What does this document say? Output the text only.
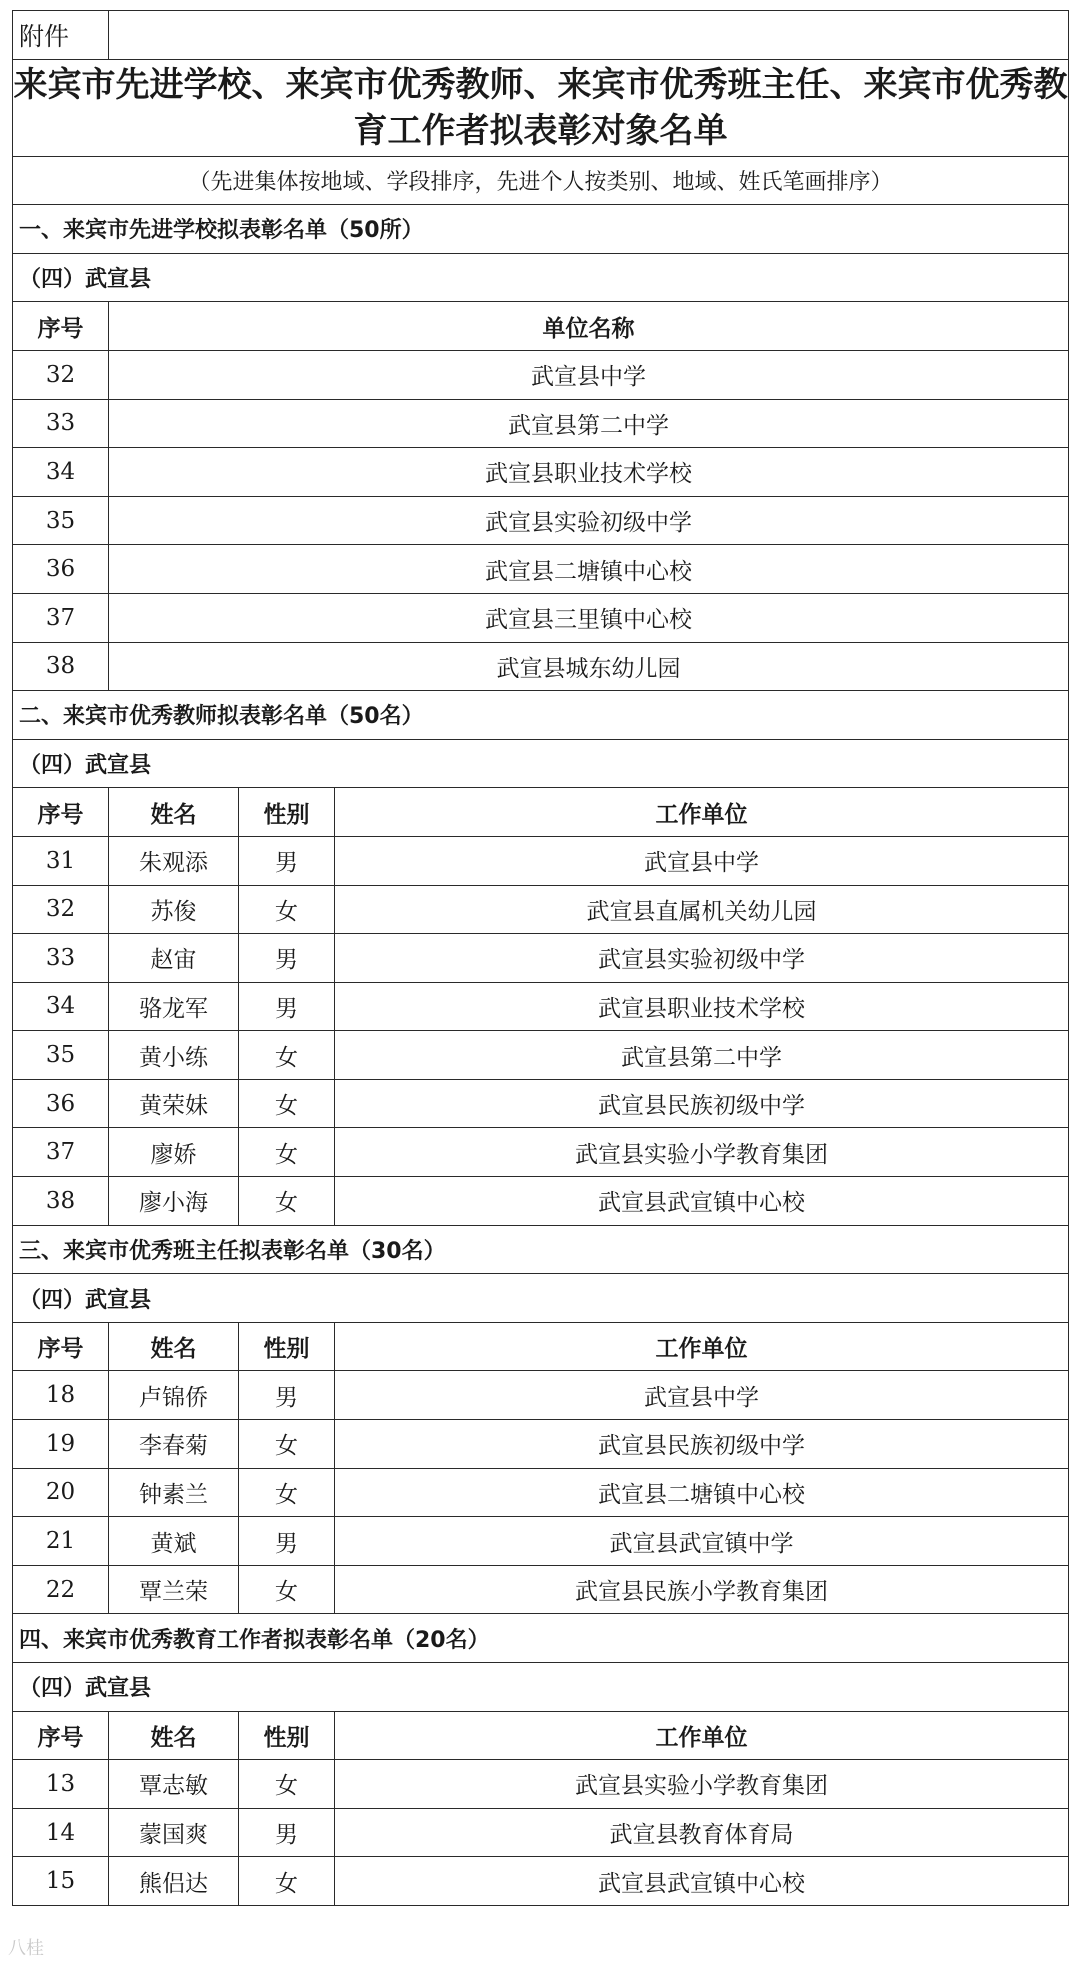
附件			
来宾市先进学校、来宾市优秀教师、来宾市优秀班主任、来宾市优秀教育工作者拟表彰对象名单			
（先进集体按地域、学段排序，先进个人按类别、地域、姓氏笔画排序）			
一、来宾市先进学校拟表彰名单（50所）			
（四）武宣县			
序号	单位名称		
32	武宣县中学		
33	武宣县第二中学		
34	武宣县职业技术学校		
35	武宣县实验初级中学		
36	武宣县二塘镇中心校		
37	武宣县三里镇中心校		
38	武宣县城东幼儿园		
二、来宾市优秀教师拟表彰名单（50名）			
（四）武宣县			
序号	姓名	性别	工作单位
31	朱观添	男	武宣县中学
32	苏俊	女	武宣县直属机关幼儿园
33	赵宙	男	武宣县实验初级中学
34	骆龙军	男	武宣县职业技术学校
35	黄小练	女	武宣县第二中学
36	黄荣妹	女	武宣县民族初级中学
37	廖娇	女	武宣县实验小学教育集团
38	廖小海	女	武宣县武宣镇中心校
三、来宾市优秀班主任拟表彰名单（30名）			
（四）武宣县			
序号	姓名	性别	工作单位
18	卢锦侨	男	武宣县中学
19	李春菊	女	武宣县民族初级中学
20	钟素兰	女	武宣县二塘镇中心校
21	黄斌	男	武宣县武宣镇中学
22	覃兰荣	女	武宣县民族小学教育集团
四、来宾市优秀教育工作者拟表彰名单（20名）			
（四）武宣县			
序号	姓名	性别	工作单位
13	覃志敏	女	武宣县实验小学教育集团
14	蒙国爽	男	武宣县教育体育局
15	熊侣达	女	武宣县武宣镇中心校
八桂
